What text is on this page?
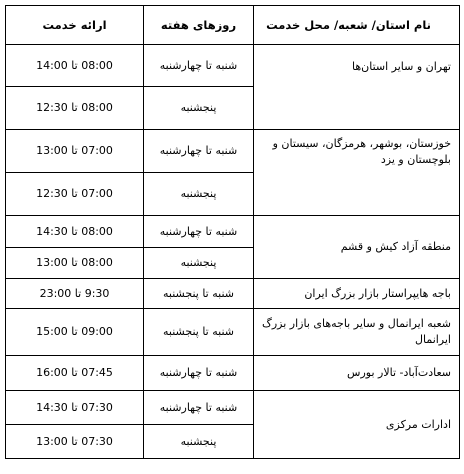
نام استان/ شعبه/ محل خدمت	روزهای هفته	ارائه خدمت
تهران و سایر استان‌ها	شنبه تا چهارشنبه	08:00 تا 14:00
	پنجشنبه	08:00 تا 12:30
خوزستان، بوشهر، هرمزگان، سیستان و بلوچستان و یزد	شنبه تا چهارشنبه	07:00 تا 13:00
	پنجشنبه	07:00 تا 12:30
منطقه آزاد کیش و قشم	شنبه تا چهارشنبه	08:00 تا 14:30
	پنجشنبه	08:00 تا 13:00
باجه هایپراستار بازار بزرگ ایران	شنبه تا پنجشنبه	9:30 تا 23:00
شعبه ایرانمال و سایر باجه‌های بازار بزرگ ایرانمال	شنبه تا پنجشنبه	09:00 تا 15:00
سعادت‌آباد- تالار بورس	شنبه تا چهارشنبه	07:45 تا 16:00
ادارات مرکزی	شنبه تا چهارشنبه	07:30 تا 14:30
	پنجشنبه	07:30 تا 13:00
